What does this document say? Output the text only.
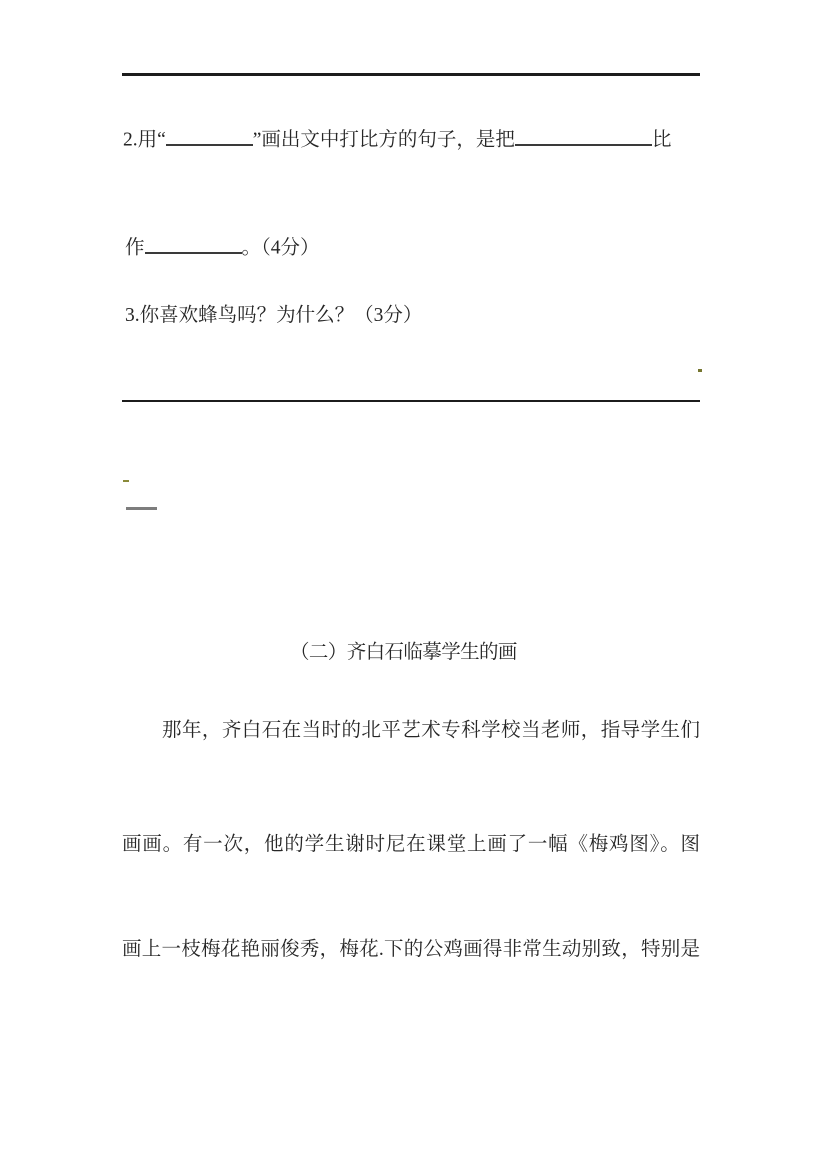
2.用“	”画出文中打比方的句子，是把	比
作	。（4分）
3.你喜欢蜂鸟吗？为什么？（3分）
（二）齐白石临摹学生的画
那年，齐白石在当时的北平艺术专科学校当老师，指导学生们
画画。有一次，他的学生谢时尼在课堂上画了一幅《梅鸡图》。图
画上一枝梅花艳丽俊秀，梅花.下的公鸡画得非常生动别致，特别是
